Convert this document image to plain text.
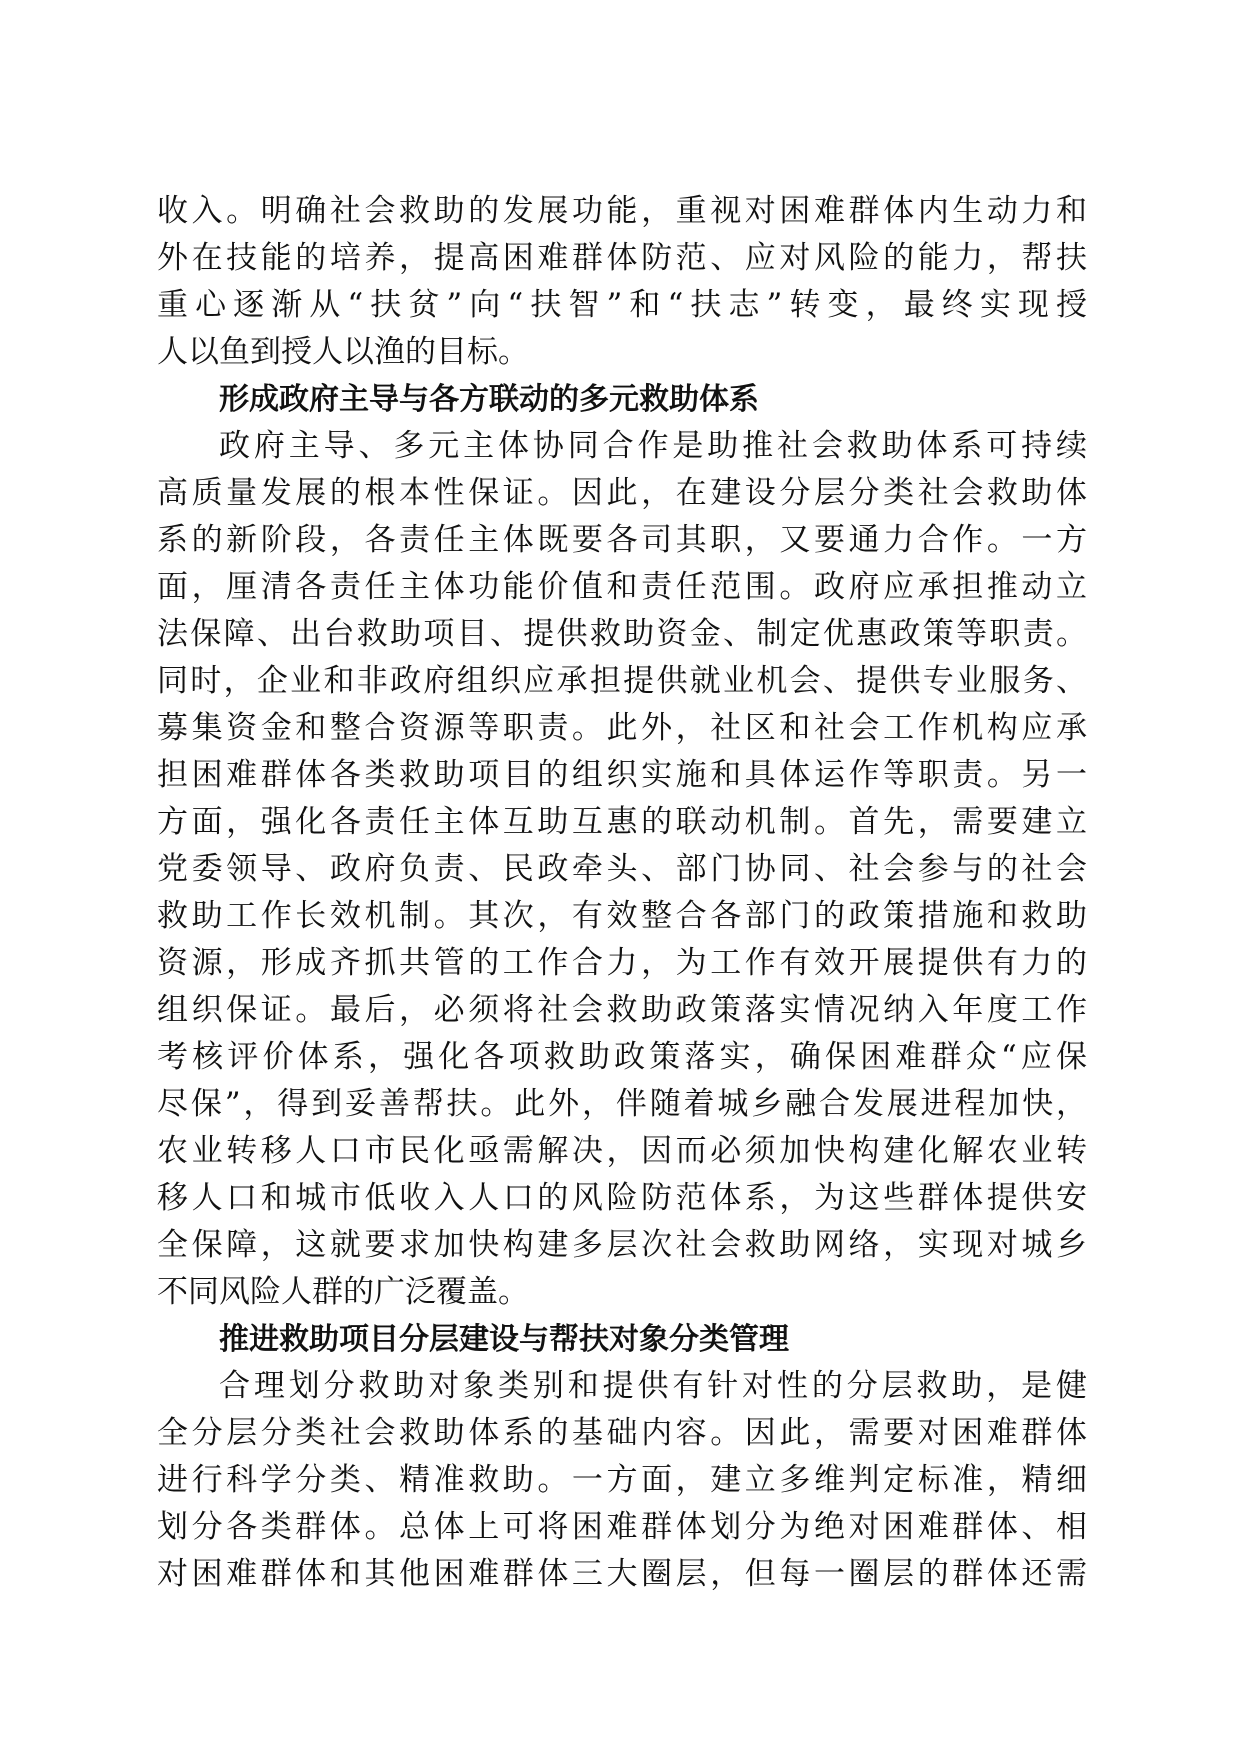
收入。明确社会救助的发展功能，重视对困难群体内生动力和
外在技能的培养，提高困难群体防范、应对风险的能力，帮扶
重心逐渐从“扶贫”向“扶智”和“扶志”转变，最终实现授
人以鱼到授人以渔的目标。
形成政府主导与各方联动的多元救助体系
政府主导、多元主体协同合作是助推社会救助体系可持续
高质量发展的根本性保证。因此，在建设分层分类社会救助体
系的新阶段，各责任主体既要各司其职，又要通力合作。一方
面，厘清各责任主体功能价值和责任范围。政府应承担推动立
法保障、出台救助项目、提供救助资金、制定优惠政策等职责。
同时，企业和非政府组织应承担提供就业机会、提供专业服务、
募集资金和整合资源等职责。此外，社区和社会工作机构应承
担困难群体各类救助项目的组织实施和具体运作等职责。另一
方面，强化各责任主体互助互惠的联动机制。首先，需要建立
党委领导、政府负责、民政牵头、部门协同、社会参与的社会
救助工作长效机制。其次，有效整合各部门的政策措施和救助
资源，形成齐抓共管的工作合力，为工作有效开展提供有力的
组织保证。最后，必须将社会救助政策落实情况纳入年度工作
考核评价体系，强化各项救助政策落实，确保困难群众“应保
尽保”，得到妥善帮扶。此外，伴随着城乡融合发展进程加快，
农业转移人口市民化亟需解决，因而必须加快构建化解农业转
移人口和城市低收入人口的风险防范体系，为这些群体提供安
全保障，这就要求加快构建多层次社会救助网络，实现对城乡
不同风险人群的广泛覆盖。
推进救助项目分层建设与帮扶对象分类管理
合理划分救助对象类别和提供有针对性的分层救助，是健
全分层分类社会救助体系的基础内容。因此，需要对困难群体
进行科学分类、精准救助。一方面，建立多维判定标准，精细
划分各类群体。总体上可将困难群体划分为绝对困难群体、相
对困难群体和其他困难群体三大圈层，但每一圈层的群体还需
